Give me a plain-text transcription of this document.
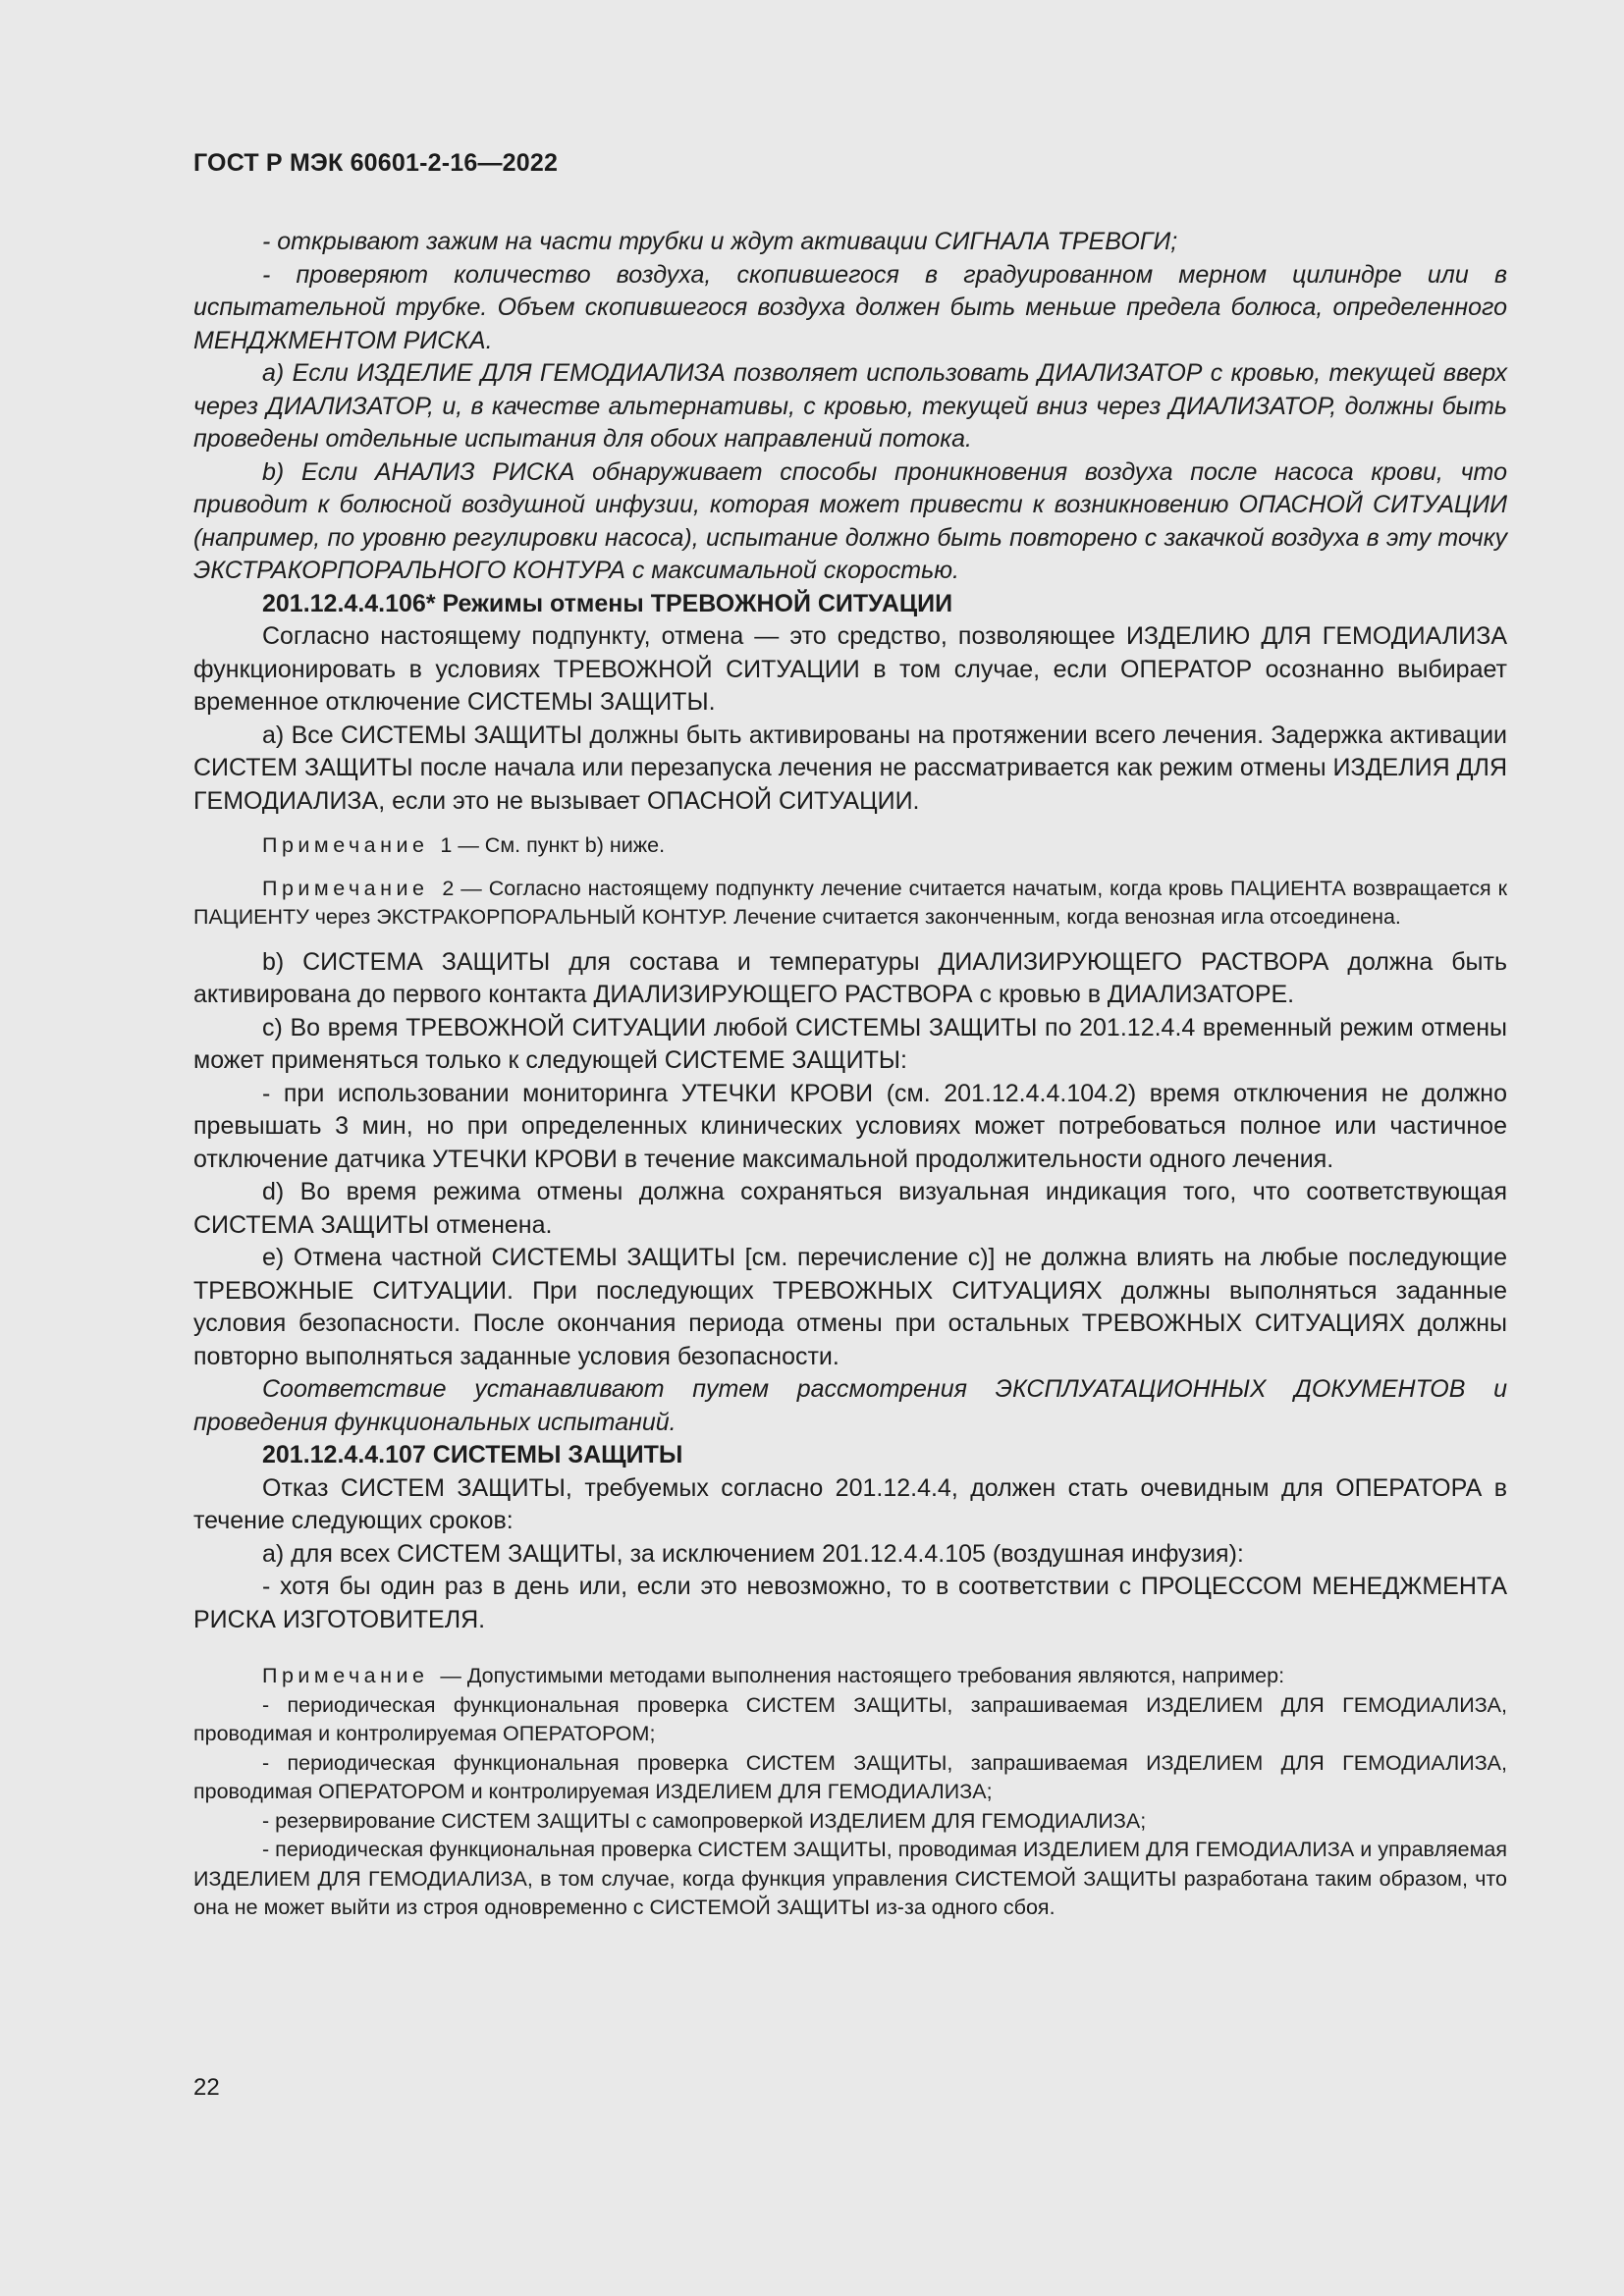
ГОСТ Р МЭК 60601-2-16—2022

- открывают зажим на части трубки и ждут активации СИГНАЛА ТРЕВОГИ;

- проверяют количество воздуха, скопившегося в градуированном мерном цилиндре или в испытательной трубке. Объем скопившегося воздуха должен быть меньше предела болюса, определенного МЕНДЖМЕНТОМ РИСКА.

а) Если ИЗДЕЛИЕ ДЛЯ ГЕМОДИАЛИЗА позволяет использовать ДИАЛИЗАТОР с кровью, текущей вверх через ДИАЛИЗАТОР, и, в качестве альтернативы, с кровью, текущей вниз через ДИАЛИЗАТОР, должны быть проведены отдельные испытания для обоих направлений потока.

b) Если АНАЛИЗ РИСКА обнаруживает способы проникновения воздуха после насоса крови, что приводит к болюсной воздушной инфузии, которая может привести к возникновению ОПАСНОЙ СИТУАЦИИ (например, по уровню регулировки насоса), испытание должно быть повторено с закачкой воздуха в эту точку ЭКСТРАКОРПОРАЛЬНОГО КОНТУРА с максимальной скоростью.

201.12.4.4.106* Режимы отмены ТРЕВОЖНОЙ СИТУАЦИИ

Согласно настоящему подпункту, отмена — это средство, позволяющее ИЗДЕЛИЮ ДЛЯ ГЕМОДИАЛИЗА функционировать в условиях ТРЕВОЖНОЙ СИТУАЦИИ в том случае, если ОПЕРАТОР осознанно выбирает временное отключение СИСТЕМЫ ЗАЩИТЫ.

а) Все СИСТЕМЫ ЗАЩИТЫ должны быть активированы на протяжении всего лечения. Задержка активации СИСТЕМ ЗАЩИТЫ после начала или перезапуска лечения не рассматривается как режим отмены ИЗДЕЛИЯ ДЛЯ ГЕМОДИАЛИЗА, если это не вызывает ОПАСНОЙ СИТУАЦИИ.

Примечание 1 — См. пункт b) ниже.

Примечание 2 — Согласно настоящему подпункту лечение считается начатым, когда кровь ПАЦИЕНТА возвращается к ПАЦИЕНТУ через ЭКСТРАКОРПОРАЛЬНЫЙ КОНТУР. Лечение считается законченным, когда венозная игла отсоединена.

b) СИСТЕМА ЗАЩИТЫ для состава и температуры ДИАЛИЗИРУЮЩЕГО РАСТВОРА должна быть активирована до первого контакта ДИАЛИЗИРУЮЩЕГО РАСТВОРА с кровью в ДИАЛИЗАТОРЕ.

c) Во время ТРЕВОЖНОЙ СИТУАЦИИ любой СИСТЕМЫ ЗАЩИТЫ по 201.12.4.4 временный режим отмены может применяться только к следующей СИСТЕМЕ ЗАЩИТЫ:

- при использовании мониторинга УТЕЧКИ КРОВИ (см. 201.12.4.4.104.2) время отключения не должно превышать 3 мин, но при определенных клинических условиях может потребоваться полное или частичное отключение датчика УТЕЧКИ КРОВИ в течение максимальной продолжительности одного лечения.

d) Во время режима отмены должна сохраняться визуальная индикация того, что соответствующая СИСТЕМА ЗАЩИТЫ отменена.

e) Отмена частной СИСТЕМЫ ЗАЩИТЫ [см. перечисление c)] не должна влиять на любые последующие ТРЕВОЖНЫЕ СИТУАЦИИ. При последующих ТРЕВОЖНЫХ СИТУАЦИЯХ должны выполняться заданные условия безопасности. После окончания периода отмены при остальных ТРЕВОЖНЫХ СИТУАЦИЯХ должны повторно выполняться заданные условия безопасности.

Соответствие устанавливают путем рассмотрения ЭКСПЛУАТАЦИОННЫХ ДОКУМЕНТОВ и проведения функциональных испытаний.

201.12.4.4.107 СИСТЕМЫ ЗАЩИТЫ

Отказ СИСТЕМ ЗАЩИТЫ, требуемых согласно 201.12.4.4, должен стать очевидным для ОПЕРАТОРА в течение следующих сроков:

а) для всех СИСТЕМ ЗАЩИТЫ, за исключением 201.12.4.4.105 (воздушная инфузия):

- хотя бы один раз в день или, если это невозможно, то в соответствии с ПРОЦЕССОМ МЕНЕДЖМЕНТА РИСКА ИЗГОТОВИТЕЛЯ.

Примечание — Допустимыми методами выполнения настоящего требования являются, например:

- периодическая функциональная проверка СИСТЕМ ЗАЩИТЫ, запрашиваемая ИЗДЕЛИЕМ ДЛЯ ГЕМОДИАЛИЗА, проводимая и контролируемая ОПЕРАТОРОМ;

- периодическая функциональная проверка СИСТЕМ ЗАЩИТЫ, запрашиваемая ИЗДЕЛИЕМ ДЛЯ ГЕМОДИАЛИЗА, проводимая ОПЕРАТОРОМ и контролируемая ИЗДЕЛИЕМ ДЛЯ ГЕМОДИАЛИЗА;

- резервирование СИСТЕМ ЗАЩИТЫ с самопроверкой ИЗДЕЛИЕМ ДЛЯ ГЕМОДИАЛИЗА;

- периодическая функциональная проверка СИСТЕМ ЗАЩИТЫ, проводимая ИЗДЕЛИЕМ ДЛЯ ГЕМОДИАЛИЗА и управляемая ИЗДЕЛИЕМ ДЛЯ ГЕМОДИАЛИЗА, в том случае, когда функция управления СИСТЕМОЙ ЗАЩИТЫ разработана таким образом, что она не может выйти из строя одновременно с СИСТЕМОЙ ЗАЩИТЫ из-за одного сбоя.

22
